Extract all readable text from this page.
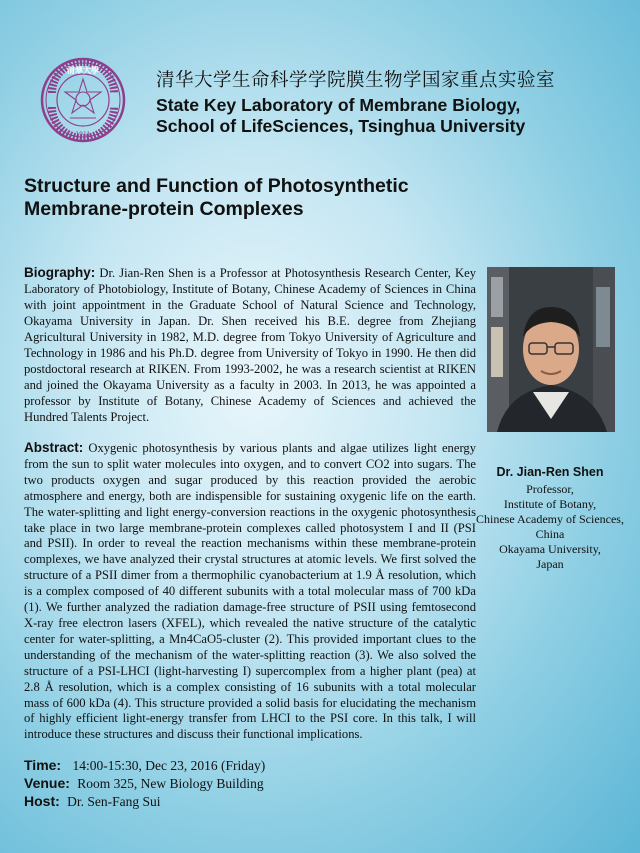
清華大學
1911
清华大学生命科学学院膜生物学国家重点实验室
State Key Laboratory of Membrane Biology,
School of LifeSciences, Tsinghua University
Structure and Function of Photosynthetic
Membrane-protein Complexes
Biography: Dr. Jian-Ren Shen is a Professor at Photosynthesis Research Center, Key Laboratory of Photobiology, Institute of Botany, Chinese Academy of Sciences in China with joint appointment in the Graduate School of Natural Science and Technology, Okayama University in Japan. Dr. Shen received his B.E. degree from Zhejiang Agricultural University in 1982, M.D. degree from Tokyo University of Agriculture and Technology in 1986 and his Ph.D. degree from University of Tokyo in 1990. He then did postdoctoral research at RIKEN. From 1993-2002, he was a research scientist at RIKEN and joined the Okayama University as a faculty in 2003. In 2013, he was appointed a professor by Institute of Botany, Chinese Academy of Sciences and achieved the Hundred Talents Project.
Abstract: Oxygenic photosynthesis by various plants and algae utilizes light energy from the sun to split water molecules into oxygen, and to convert CO2 into sugars. The two products oxygen and sugar produced by this reaction provided the aerobic atmosphere and energy, both are indispensible for sustaining oxygenic life on the earth. The water-splitting and light energy-conversion reactions in the oxygenic photosynthesis take place in two large membrane-protein complexes called photosystem I and II (PSI and PSII). In order to reveal the reaction mechanisms within these membrane-protein complexes, we have analyzed their crystal structures at atomic levels. We first solved the structure of a PSII dimer from a thermophilic cyanobacterium at 1.9 Å resolution, which is a complex composed of 40 different subunits with a total molecular mass of 700 kDa (1). We further analyzed the radiation damage-free structure of PSII using femtosecond X-ray free electron lasers (XFEL), which revealed the native structure of the catalytic center for water-splitting, a Mn4CaO5-cluster (2). This provided important clues to the understanding of the mechanism of the water-splitting reaction (3). We also solved the structure of a PSI-LHCI (light-harvesting I) supercomplex from a higher plant (pea) at 2.8 Å resolution, which is a complex consisting of 16 subunits with a total molecular mass of 600 kDa (4). This structure provided a solid basis for elucidating the mechanism of highly efficient light-energy transfer from LHCI to the PSI core. In this talk, I will introduce these structures and discuss their functional implications.
Dr. Jian-Ren Shen
Professor,
Institute of Botany,
Chinese Academy of Sciences,
China
Okayama University,
Japan
Time: 14:00-15:30, Dec 23, 2016 (Friday)
Venue: Room 325, New Biology Building
Host: Dr. Sen-Fang Sui
